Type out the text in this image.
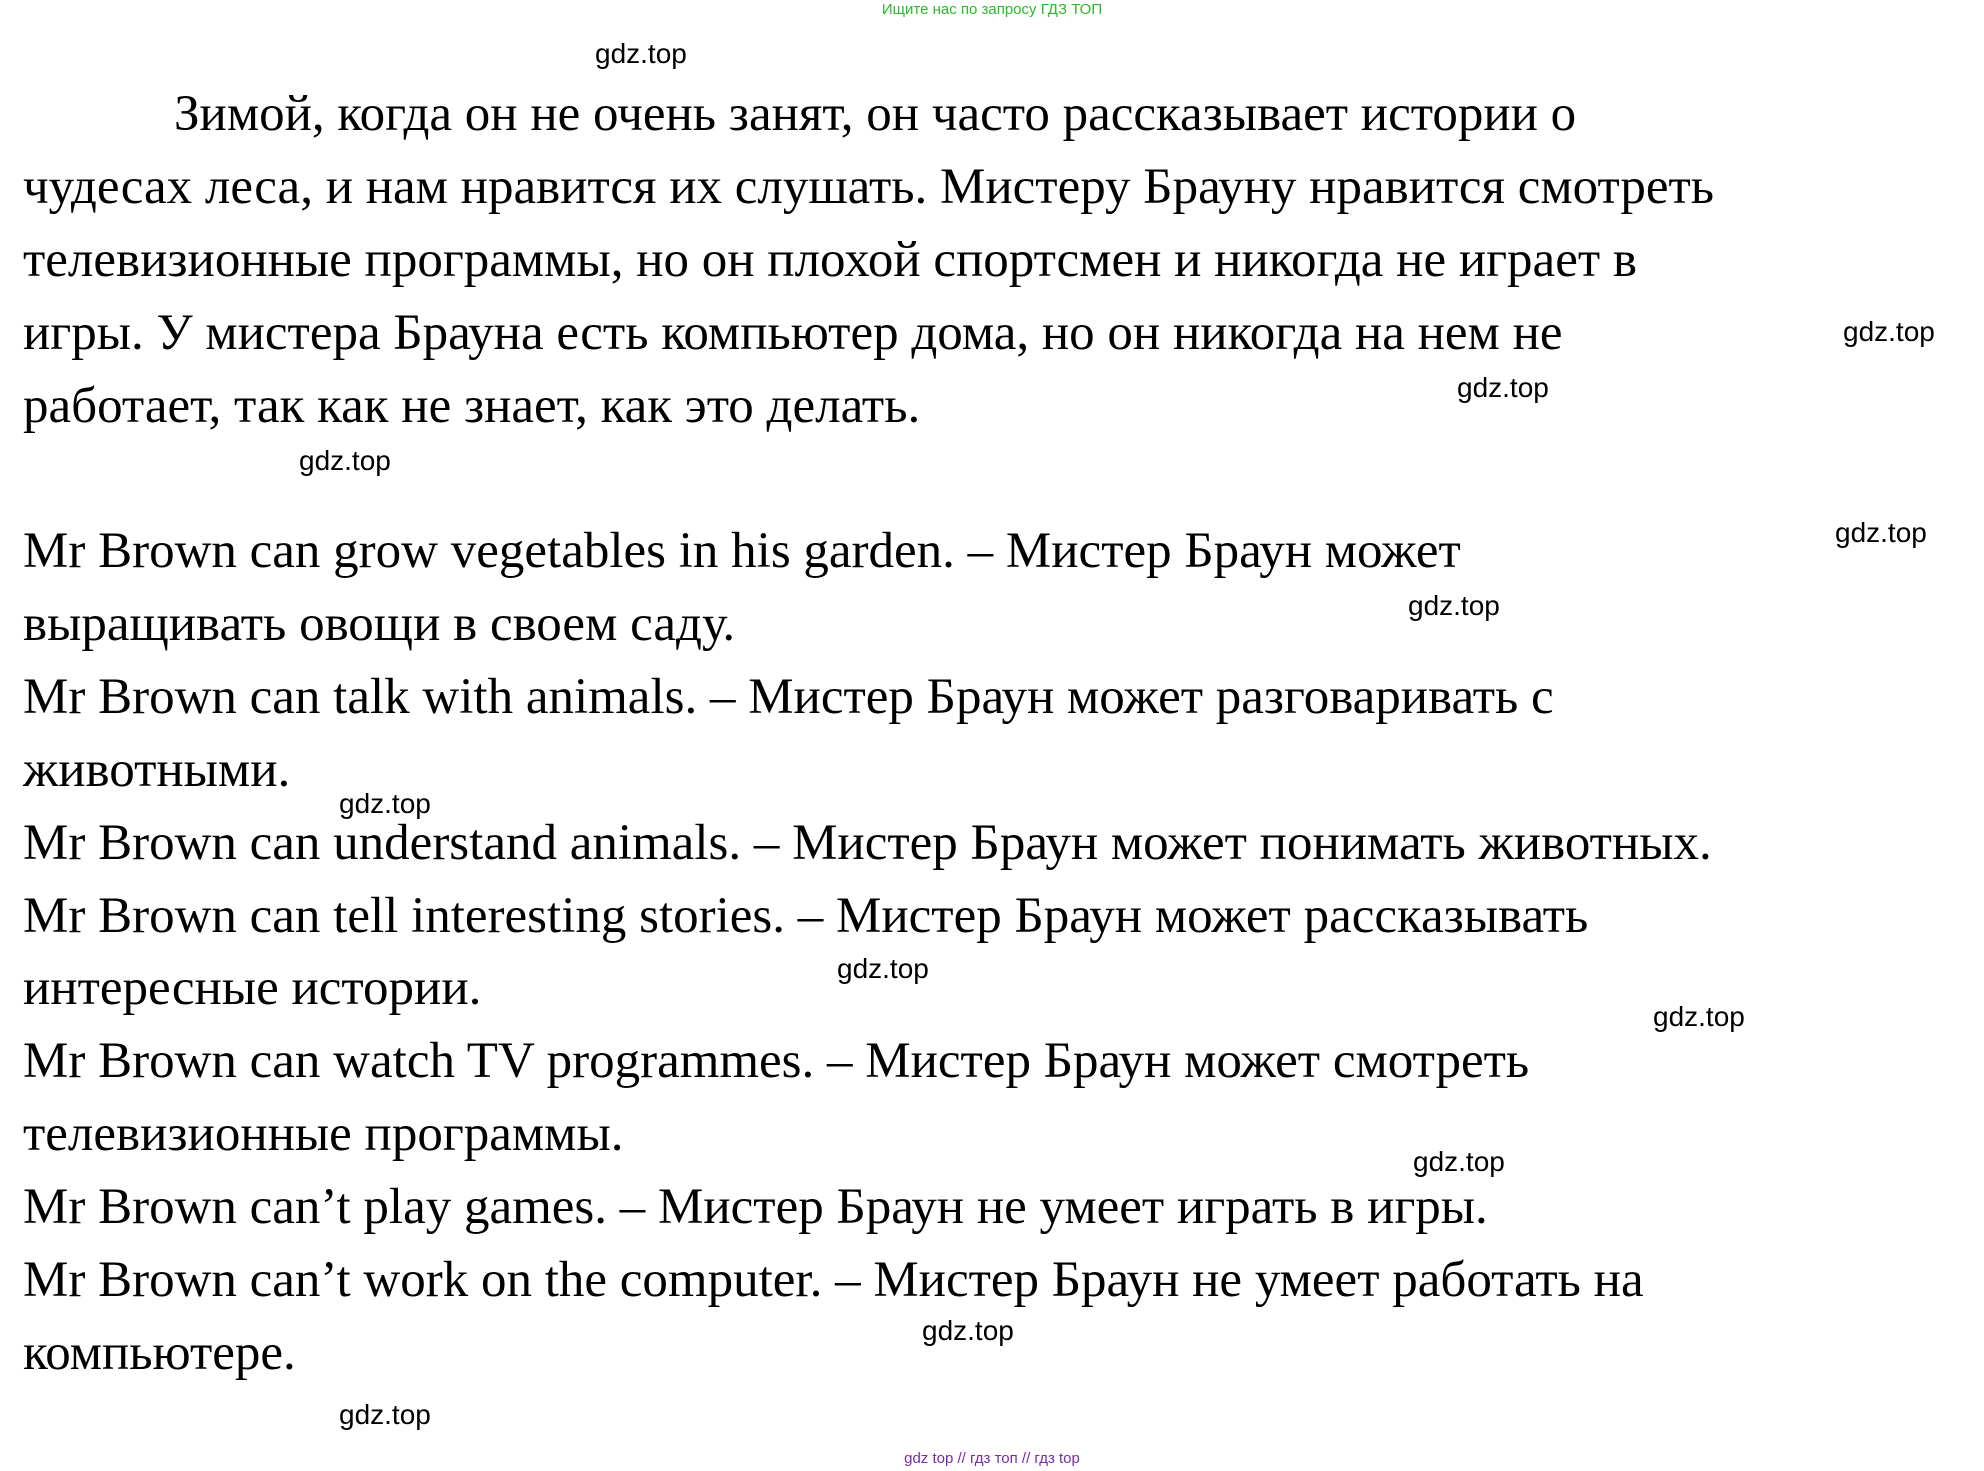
Ищите нас по запросу ГДЗ ТОП

Зимой, когда он не очень занят, он часто рассказывает истории о

чудесах леса, и нам нравится их слушать. Мистеру Брауну нравится смотреть

телевизионные программы, но он плохой спортсмен и никогда не играет в

игры. У мистера Брауна есть компьютер дома, но он никогда на нем не

работает, так как не знает, как это делать.

Mr Brown can grow vegetables in his garden. – Мистер Браун может

выращивать овощи в своем саду.

Mr Brown can talk with animals. – Мистер Браун может разговаривать с

животными.

Mr Brown can understand animals. – Мистер Браун может понимать животных.

Mr Brown can tell interesting stories. – Мистер Браун может рассказывать

интересные истории.

Mr Brown can watch TV programmes. – Мистер Браун может смотреть

телевизионные программы.

Mr Brown can’t play games. – Мистер Браун не умеет играть в игры.

Mr Brown can’t work on the computer. – Мистер Браун не умеет работать на

компьютере.

gdz.top
gdz.top
gdz.top
gdz.top
gdz.top
gdz.top
gdz.top
gdz.top
gdz.top
gdz.top
gdz.top
gdz.top
gdz top // гдз топ // гдз top
